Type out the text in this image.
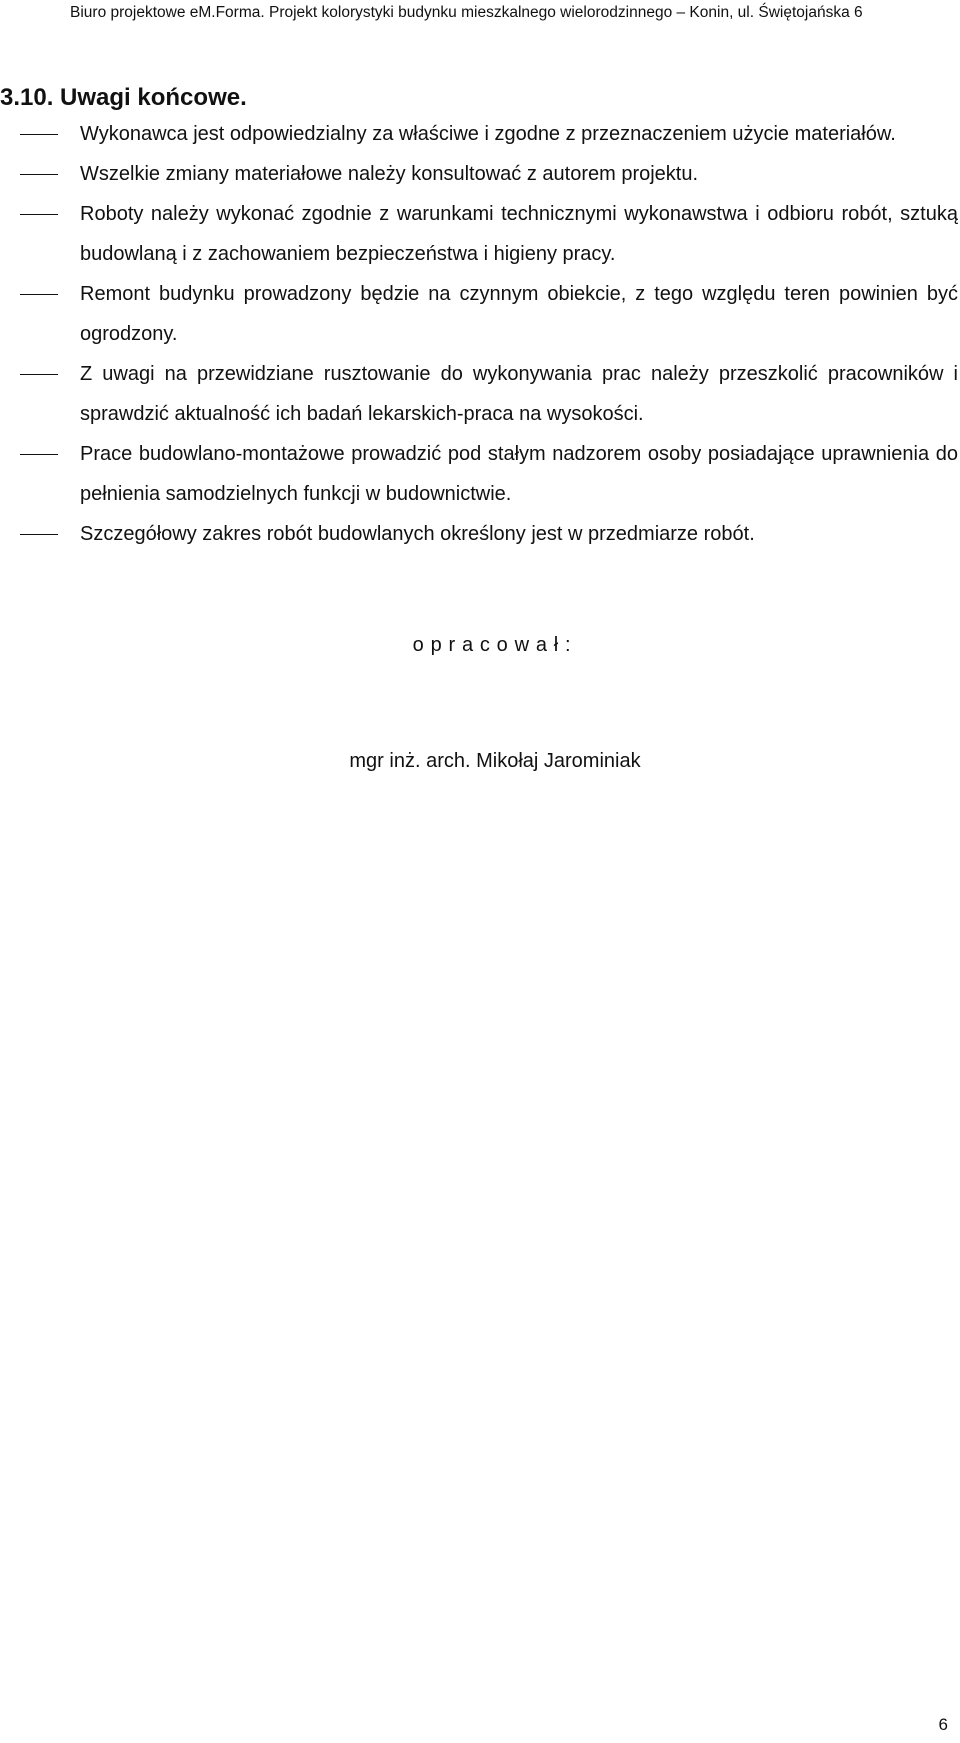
Biuro projektowe eM.Forma. Projekt kolorystyki budynku mieszkalnego wielorodzinnego – Konin, ul. Świętojańska 6
3.10. Uwagi końcowe.
Wykonawca jest odpowiedzialny za właściwe i zgodne z przeznaczeniem użycie materiałów.
Wszelkie zmiany materiałowe należy konsultować z autorem projektu.
Roboty należy wykonać zgodnie z warunkami technicznymi wykonawstwa i odbioru robót, sztuką budowlaną i z zachowaniem bezpieczeństwa i higieny pracy.
Remont budynku prowadzony będzie na czynnym obiekcie, z tego względu teren powinien być ogrodzony.
Z uwagi na przewidziane rusztowanie do wykonywania prac należy przeszkolić pracowników i sprawdzić aktualność ich badań lekarskich-praca na wysokości.
Prace budowlano-montażowe prowadzić pod stałym nadzorem osoby posiadające uprawnienia do pełnienia samodzielnych funkcji w budownictwie.
Szczegółowy zakres robót budowlanych określony jest w przedmiarze robót.
opracował:
mgr inż. arch. Mikołaj Jarominiak
6
